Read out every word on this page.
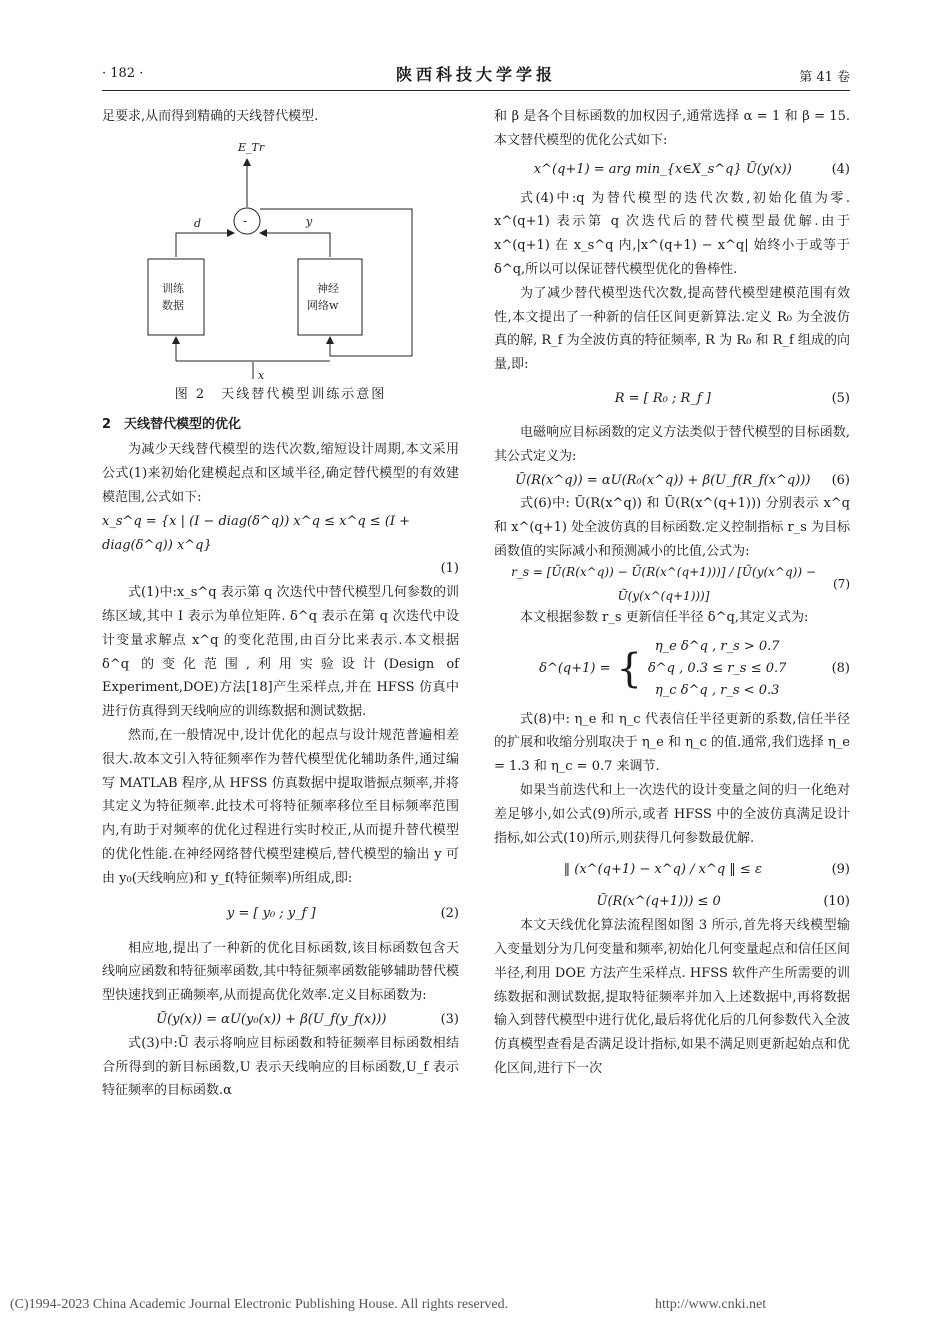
· 182 ·	陕西科技大学学报	第 41 卷

足要求,从而得到精确的天线替代模型.

E_Tr
-
d	y
训练
数据
神经
网络w
x
图 2　天线替代模型训练示意图
2　天线替代模型的优化

为减少天线替代模型的迭代次数,缩短设计周期,本文采用公式(1)来初始化建模起点和区域半径,确定替代模型的有效建模范围,公式如下:

x_s^q = {x | (I − diag(δ^q)) x^q ≤ x^q ≤ (I + diag(δ^q)) x^q}
(1)

式(1)中:x_s^q 表示第 q 次迭代中替代模型几何参数的训练区域,其中 I 表示为单位矩阵. δ^q 表示在第 q 次迭代中设计变量求解点 x^q 的变化范围,由百分比来表示.本文根据 δ^q 的变化范围,利用实验设计(Design of Experiment,DOE)方法[18]产生采样点,并在 HFSS 仿真中进行仿真得到天线响应的训练数据和测试数据.

然而,在一般情况中,设计优化的起点与设计规范普遍相差很大.故本文引入特征频率作为替代模型优化辅助条件,通过编写 MATLAB 程序,从 HFSS 仿真数据中提取谐振点频率,并将其定义为特征频率.此技术可将特征频率移位至目标频率范围内,有助于对频率的优化过程进行实时校正,从而提升替代模型的优化性能.在神经网络替代模型建模后,替代模型的输出 y 可由 y₀(天线响应)和 y_f(特征频率)所组成,即:

y = [ y₀ ; y_f ]	(2)

相应地,提出了一种新的优化目标函数,该目标函数包含天线响应函数和特征频率函数,其中特征频率函数能够辅助替代模型快速找到正确频率,从而提高优化效率.定义目标函数为:

Ũ(y(x)) = αU(y₀(x)) + β(U_f(y_f(x)))	(3)

式(3)中:Ũ 表示将响应目标函数和特征频率目标函数相结合所得到的新目标函数,U 表示天线响应的目标函数,U_f 表示特征频率的目标函数.α

和 β 是各个目标函数的加权因子,通常选择 α = 1 和 β = 15.本文替代模型的优化公式如下:

x^(q+1) = arg min_{x∈X_s^q} Ũ(y(x))	(4)

式(4)中:q 为替代模型的迭代次数,初始化值为零. x^(q+1) 表示第 q 次迭代后的替代模型最优解.由于 x^(q+1) 在 x_s^q 内,|x^(q+1) − x^q| 始终小于或等于 δ^q,所以可以保证替代模型优化的鲁棒性.

为了减少替代模型迭代次数,提高替代模型建模范围有效性,本文提出了一种新的信任区间更新算法.定义 R₀ 为全波仿真的解, R_f 为全波仿真的特征频率, R 为 R₀ 和 R_f 组成的向量,即:

R = [ R₀ ; R_f ]	(5)

电磁响应目标函数的定义方法类似于替代模型的目标函数,其公式定义为:

Ũ(R(x^q)) = αU(R₀(x^q)) + β(U_f(R_f(x^q)))	(6)

式(6)中: Ũ(R(x^q)) 和 Ũ(R(x^(q+1))) 分别表示 x^q 和 x^(q+1) 处全波仿真的目标函数.定义控制指标 r_s 为目标函数值的实际减小和预测减小的比值,公式为:

r_s = [Ũ(R(x^q)) − Ũ(R(x^(q+1)))] / [Ũ(y(x^q)) − Ũ(y(x^(q+1)))]
(7)

本文根据参数 r_s 更新信任半径 δ^q,其定义式为:

δ^(q+1) = { η_e δ^q , r_s > 0.7
δ^q , 0.3 ≤ r_s ≤ 0.7
η_c δ^q , r_s < 0.3
(8)

式(8)中: η_e 和 η_c 代表信任半径更新的系数,信任半径的扩展和收缩分别取决于 η_e 和 η_c 的值.通常,我们选择 η_e = 1.3 和 η_c = 0.7 来调节.

如果当前迭代和上一次迭代的设计变量之间的归一化绝对差足够小,如公式(9)所示,或者 HFSS 中的全波仿真满足设计指标,如公式(10)所示,则获得几何参数最优解.

‖ (x^(q+1) − x^q) / x^q ‖ ≤ ε	(9)
Ũ(R(x^(q+1))) ≤ 0	(10)

本文天线优化算法流程图如图 3 所示,首先将天线模型输入变量划分为几何变量和频率,初始化几何变量起点和信任区间半径,利用 DOE 方法产生采样点. HFSS 软件产生所需要的训练数据和测试数据,提取特征频率并加入上述数据中,再将数据输入到替代模型中进行优化,最后将优化后的几何参数代入全波仿真模型查看是否满足设计指标,如果不满足则更新起始点和优化区间,进行下一次

(C)1994-2023 China Academic Journal Electronic Publishing House. All rights reserved.	http://www.cnki.net
